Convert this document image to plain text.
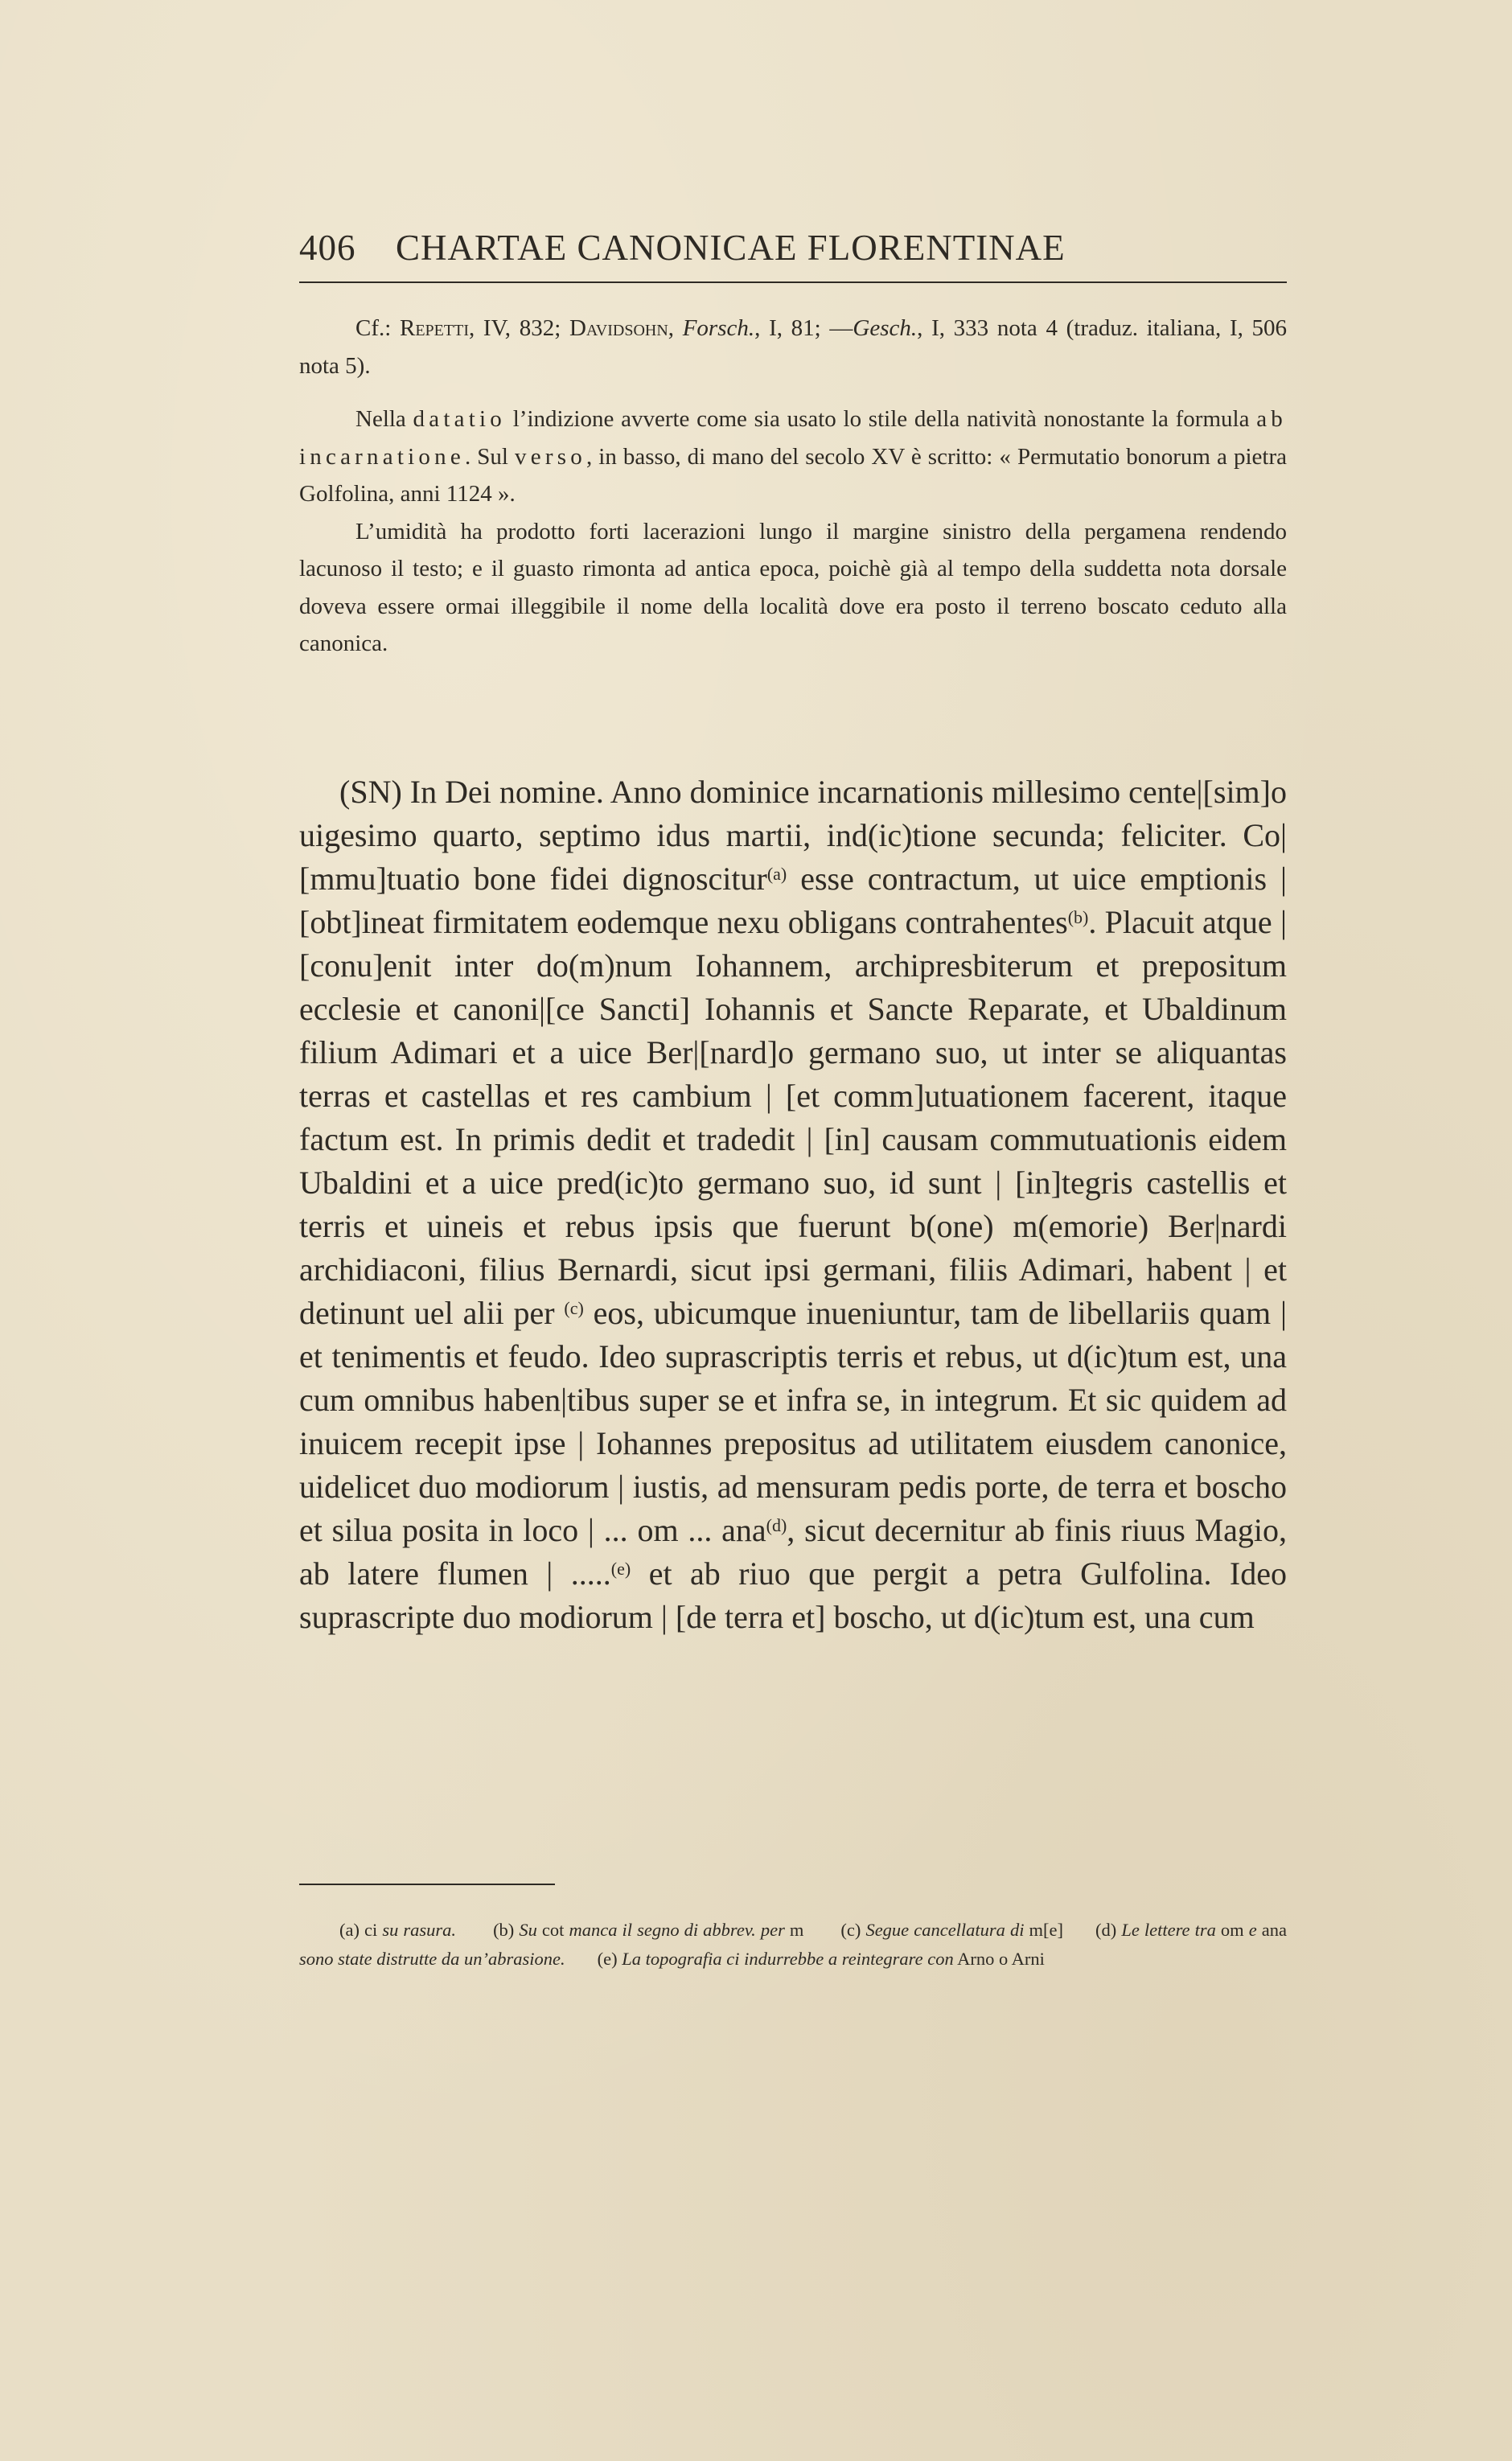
406 CHARTAE CANONICAE FLORENTINAE

Cf.: Repetti, IV, 832; Davidsohn, Forsch., I, 81; —Gesch., I, 333 nota 4 (traduz. italiana, I, 506 nota 5).

Nella datatio l’indizione avverte come sia usato lo stile della natività nonostante la formula ab incarnatione. Sul verso, in basso, di mano del secolo XV è scritto: « Permutatio bonorum a pietra Golfolina, anni 1124 ».

L’umidità ha prodotto forti lacerazioni lungo il margine sinistro della pergamena rendendo lacunoso il testo; e il guasto rimonta ad antica epoca, poichè già al tempo della suddetta nota dorsale doveva essere ormai illeggibile il nome della località dove era posto il terreno boscato ceduto alla canonica.

(SN) In Dei nomine. Anno dominice incarnationis millesimo cente|[sim]o uigesimo quarto, septimo idus martii, ind(ic)tione secunda; feliciter. Co|[mmu]tuatio bone fidei dignoscitur$^{(a)}$ esse contractum, ut uice emptionis | [obt]ineat firmitatem eodemque nexu obligans contrahentes$^{(b)}$. Placuit atque | [conu]enit inter do(m)num Iohannem, archipresbiterum et prepositum ecclesie et canoni|[ce Sancti] Iohannis et Sancte Reparate, et Ubaldinum filium Adimari et a uice Ber|[nard]o germano suo, ut inter se aliquantas terras et castellas et res cambium | [et comm]utuationem facerent, itaque factum est. In primis dedit et tradedit | [in] causam commutuationis eidem Ubaldini et a uice pred(ic)to germano suo, id sunt | [in]tegris castellis et terris et uineis et rebus ipsis que fuerunt b(one) m(emorie) Ber|nardi archidiaconi, filius Bernardi, sicut ipsi germani, filiis Adimari, habent | et detinunt uel alii per $^{(c)}$ eos, ubicumque inueniuntur, tam de libellariis quam | et tenimentis et feudo. Ideo suprascriptis terris et rebus, ut d(ic)tum est, una cum omnibus haben|tibus super se et infra se, in integrum. Et sic quidem ad inuicem recepit ipse | Iohannes prepositus ad utilitatem eiusdem canonice, uidelicet duo modiorum | iustis, ad mensuram pedis porte, de terra et boscho et silua posita in loco | ... om ... ana$^{(d)}$, sicut decernitur ab finis riuus Magio, ab latere flumen | .....$^{(e)}$ et ab riuo que pergit a petra Gulfolina. Ideo suprascripte duo modiorum | [de terra et] boscho, ut d(ic)tum est, una cum

(a) ci su rasura. (b) Su cot manca il segno di abbrev. per m (c) Segue cancellatura di m[e] (d) Le lettere tra om e ana sono state distrutte da un’abrasione. (e) La topografia ci indurrebbe a reintegrare con Arno o Arni
